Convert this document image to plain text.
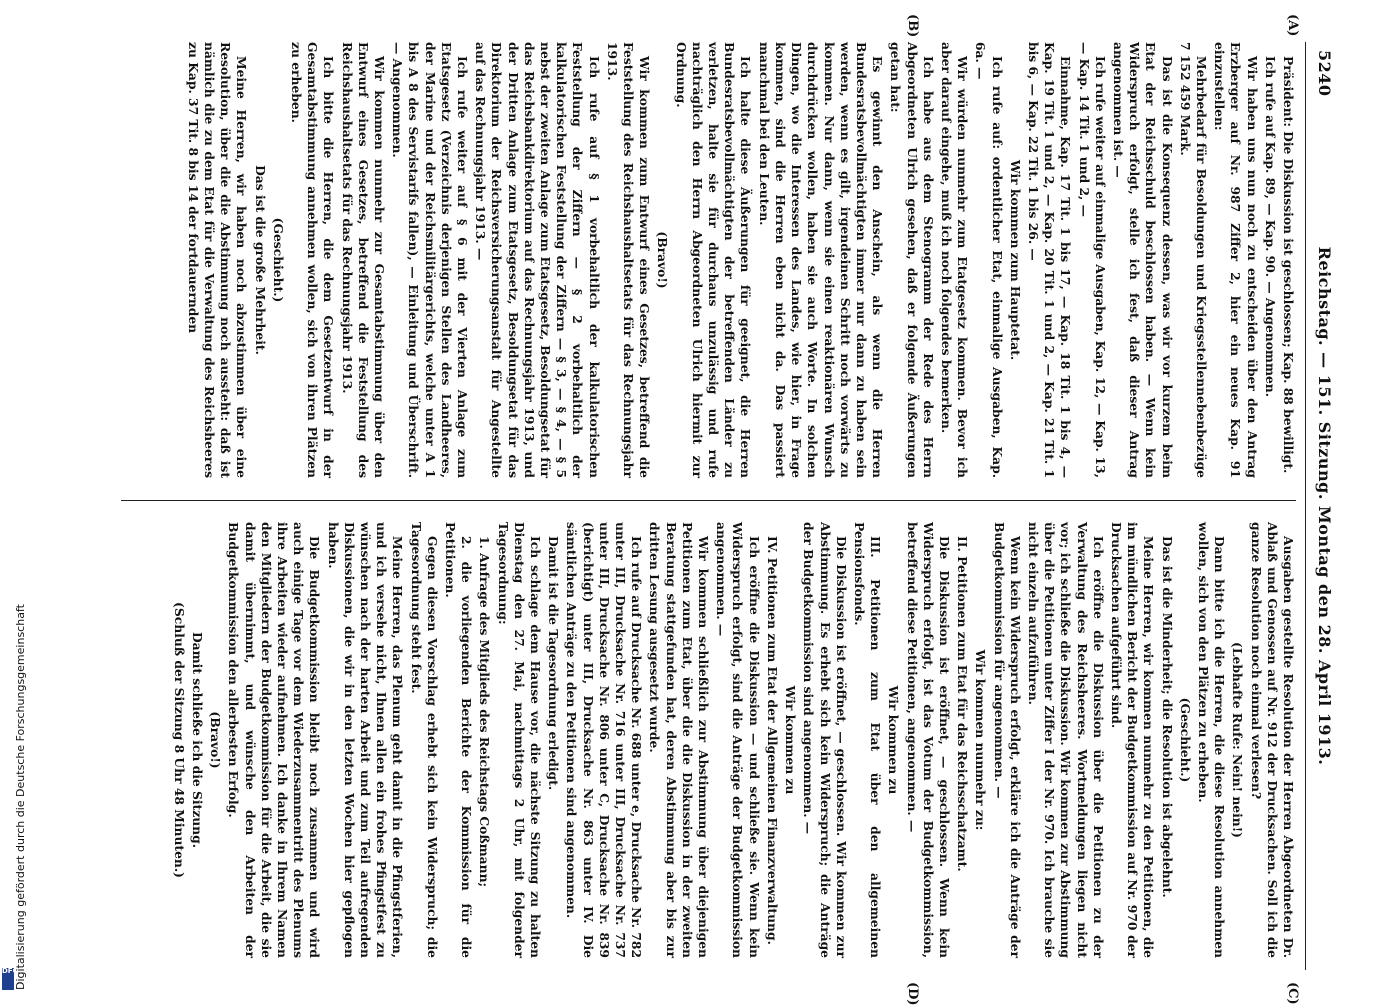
5240
Reichstag. — 151. Sitzung. Montag den 28. April 1913.
(A)
(B)
(C)
(D)

Präsident: Die Diskussion ist geschlossen; Kap. 88 bewilligt.

Ich rufe auf Kap. 89, — Kap. 90. — Angenommen.

Wir haben uns nun noch zu entscheiden über den Antrag Erzberger auf Nr. 987 Ziffer 2, hier ein neues Kap. 91 einzustellen:

Mehrbedarf für Besoldungen und Kriegsstellennebenbezüge 7 152 459 Mark.

Das ist die Konsequenz dessen, was wir vor kurzem beim Etat der Reichsschuld beschlossen haben. — Wenn kein Widerspruch erfolgt, stelle ich fest, daß dieser Antrag angenommen ist. —

Ich rufe weiter auf einmalige Ausgaben, Kap. 12, — Kap. 13, — Kap. 14 Tit. 1 und 2, —

Einnahme, Kap. 17 Tit. 1 bis 17, — Kap. 18 Tit. 1 bis 4, — Kap. 19 Tit. 1 und 2, — Kap. 20 Tit. 1 und 2, — Kap. 21 Tit. 1 bis 6, — Kap. 22 Tit. 1 bis 26. —

Wir kommen zum Hauptetat.

Ich rufe auf: ordentlicher Etat, einmalige Ausgaben, Kap. 6a. —

Wir würden nunmehr zum Etatgesetz kommen. Bevor ich aber darauf eingehe, muß ich noch folgendes bemerken.

Ich habe aus dem Stenogramm der Rede des Herrn Abgeordneten Ulrich gesehen, daß er folgende Äußerungen getan hat:

Es gewinnt den Anschein, als wenn die Herren Bundesratsbevollmächtigten immer nur dann zu haben sein werden, wenn es gilt, irgendeinen Schritt noch vorwärts zu kommen. Nur dann, wenn sie einen reaktionären Wunsch durchdrücken wollen, haben sie auch Worte. In solchen Dingen, wo die Interessen des Landes, wie hier, in Frage kommen, sind die Herren eben nicht da. Das passiert manchmal bei den Leuten.

Ich halte diese Äußerungen für geeignet, die Herren Bundesratsbevollmächtigten der betreffenden Länder zu verletzen, halte sie für durchaus unzulässig und rufe nachträglich den Herrn Abgeordneten Ulrich hiermit zur Ordnung.

(Bravo!)

Wir kommen zum Entwurf eines Gesetzes, betreffend die Feststellung des Reichshaushaltsetats für das Rechnungsjahr 1913.

Ich rufe auf § 1 vorbehaltlich der kalkulatorischen Feststellung der Ziffern — § 2 vorbehaltlich der kalkulatorischen Feststellung der Ziffern — § 3, — § 4, — § 5 nebst der zweiten Anlage zum Etatsgesetz, Besoldungsetat für das Reichsbankdirektorium auf das Rechnungsjahr 1913, und der Dritten Anlage zum Etatsgesetz, Besoldungsetat für das Direktorium der Reichsversicherungsanstalt für Angestellte auf das Rechnungsjahr 1913. —

Ich rufe weiter auf § 6 mit der Vierten Anlage zum Etatsgesetz (Verzeichnis derjenigen Stellen des Landheeres, der Marine und der Reichsmilitärgerichts, welche unter A 1 bis A 8 des Servistarifs fallen), — Einleitung und Überschrift. — Angenommen.

Wir kommen nunmehr zur Gesamtabstimmung über den Entwurf eines Gesetzes, betreffend die Feststellung des Reichshaushaltsetats für das Rechnungsjahr 1913.

Ich bitte die Herren, die dem Gesetzentwurf in der Gesamtabstimmung annehmen wollen, sich von ihren Plätzen zu erheben.

(Geschieht.)

Das ist die große Mehrheit.

Meine Herren, wir haben noch abzustimmen über eine Resolution, über die die Abstimmung noch aussteht: daß ist nämlich die zu dem Etat für die Verwaltung des Reichsheeres zu Kap. 37 Tit. 8 bis 14 der fortdauernden

Ausgaben gestellte Resolution der Herren Abgeordneten Dr. Ablaß und Genossen auf Nr. 912 der Drucksachen. Soll ich die ganze Resolution noch einmal verlesen?

(Lebhafte Rufe: Nein! nein!)

Dann bitte ich die Herren, die diese Resolution annehmen wollen, sich von den Plätzen zu erheben.

(Geschieht.)

Das ist die Minderheit; die Resolution ist abgelehnt.

Meine Herren, wir kommen nunmehr zu den Petitionen, die im mündlichen Bericht der Budgetkommission auf Nr. 970 der Drucksachen aufgeführt sind.

Ich eröffne die Diskussion über die Petitionen zu der Verwaltung des Reichsheeres. Wortmeldungen liegen nicht vor; ich schließe die Diskussion. Wir kommen zur Abstimmung über die Petitionen unter Ziffer I der Nr. 970. Ich brauche sie nicht einzeln aufzuführen.

Wenn kein Widerspruch erfolgt, erkläre ich die Anträge der Budgetkommission für angenommen. —

Wir kommen nunmehr zu:

II. Petitionen zum Etat für das Reichsschatzamt.

Die Diskussion ist eröffnet, — geschlossen. Wenn kein Widerspruch erfolgt, ist das Votum der Budgetkommission, betreffend diese Petitionen, angenommen. —

Wir kommen zu

III. Petitionen zum Etat über den allgemeinen Pensionsfonds.

Die Diskussion ist eröffnet, — geschlossen. Wir kommen zur Abstimmung. Es erhebt sich kein Widerspruch; die Anträge der Budgetkommission sind angenommen. —

Wir kommen zu

IV. Petitionen zum Etat der Allgemeinen Finanzverwaltung.

Ich eröffne die Diskussion — und schließe sie. Wenn kein Widerspruch erfolgt, sind die Anträge der Budgetkommission angenommen. —

Wir kommen schließlich zur Abstimmung über diejenigen Petitionen zum Etat, über die die Diskussion in der zweiten Beratung stattgefunden hat, deren Abstimmung aber bis zur dritten Lesung ausgesetzt wurde.

Ich rufe auf Drucksache Nr. 688 unter e, Drucksache Nr. 782 unter III, Drucksache Nr. 716 unter III, Drucksache Nr. 737 unter III, Drucksache Nr. 806 unter C, Drucksache Nr. 839 (berichtigt) unter III, Drucksache Nr. 863 unter IV. Die sämtlichen Anträge zu den Petitionen sind angenommen.

Damit ist die Tagesordnung erledigt.

Ich schlage dem Hause vor, die nächste Sitzung zu halten Dienstag den 27. Mai, nachmittags 2 Uhr, mit folgender Tagesordnung:

1. Anfrage des Mitglieds des Reichstags Coßmann;

2. die vorliegenden Berichte der Kommission für die Petitionen.

Gegen diesen Vorschlag erhebt sich kein Widerspruch; die Tagesordnung steht fest.

Meine Herren, das Plenum geht damit in die Pfingstferien, und ich versehe nicht, Ihnen allen ein frohes Pfingstfest zu wünschen nach der harten Arbeit und zum Teil aufregenden Diskussionen, die wir in den letzten Wochen hier gepflogen haben.

Die Budgetkommission bleibt noch zusammen und wird auch einige Tage vor dem Wiederzusammentritt des Plenums ihre Arbeiten wieder aufnehmen. Ich danke in Ihrem Namen den Mitgliedern der Budgetkommission für die Arbeit, die sie damit übernimmt, und wünsche den Arbeiten der Budgetkommission den allerbesten Erfolg.

(Bravo!)

Damit schließe ich die Sitzung.

(Schluß der Sitzung 8 Uhr 48 Minuten.)

DFG
Digitalisierung gefördert durch die Deutsche Forschungsgemeinschaft
